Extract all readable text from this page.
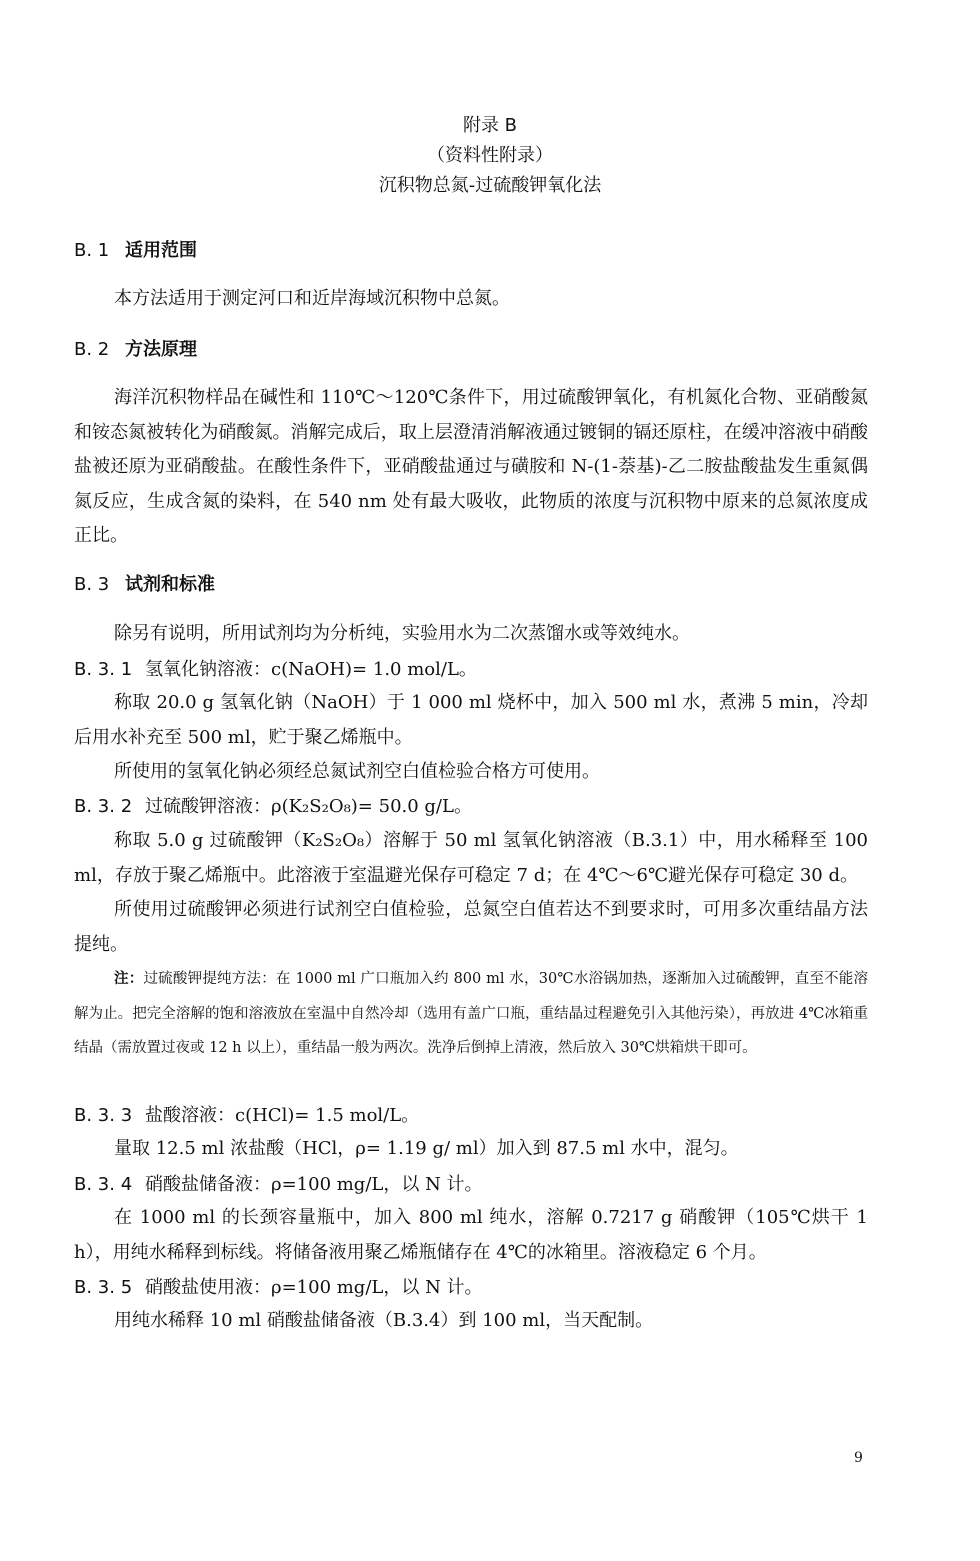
附录 B
（资料性附录）
沉积物总氮-过硫酸钾氧化法
B. 1 适用范围

本方法适用于测定河口和近岸海域沉积物中总氮。

B. 2 方法原理

海洋沉积物样品在碱性和 110℃～120℃条件下，用过硫酸钾氧化，有机氮化合物、亚硝酸氮和铵态氮被转化为硝酸氮。消解完成后，取上层澄清消解液通过镀铜的镉还原柱，在缓冲溶液中硝酸盐被还原为亚硝酸盐。在酸性条件下，亚硝酸盐通过与磺胺和 N-(1-萘基)-乙二胺盐酸盐发生重氮偶氮反应，生成含氮的染料，在 540 nm 处有最大吸收，此物质的浓度与沉积物中原来的总氮浓度成正比。

B. 3 试剂和标准

除另有说明，所用试剂均为分析纯，实验用水为二次蒸馏水或等效纯水。

B. 3. 1 氢氧化钠溶液：c(NaOH)= 1.0 mol/L。

称取 20.0 g 氢氧化钠（NaOH）于 1 000 ml 烧杯中，加入 500 ml 水，煮沸 5 min，冷却后用水补充至 500 ml，贮于聚乙烯瓶中。

所使用的氢氧化钠必须经总氮试剂空白值检验合格方可使用。

B. 3. 2 过硫酸钾溶液：ρ(K₂S₂O₈)= 50.0 g/L。

称取 5.0 g 过硫酸钾（K₂S₂O₈）溶解于 50 ml 氢氧化钠溶液（B.3.1）中，用水稀释至 100 ml，存放于聚乙烯瓶中。此溶液于室温避光保存可稳定 7 d；在 4℃～6℃避光保存可稳定 30 d。

所使用过硫酸钾必须进行试剂空白值检验，总氮空白值若达不到要求时，可用多次重结晶方法提纯。

注：过硫酸钾提纯方法：在 1000 ml 广口瓶加入约 800 ml 水，30℃水浴锅加热，逐渐加入过硫酸钾，直至不能溶解为止。把完全溶解的饱和溶液放在室温中自然冷却（选用有盖广口瓶，重结晶过程避免引入其他污染），再放进 4℃冰箱重结晶（需放置过夜或 12 h 以上），重结晶一般为两次。洗净后倒掉上清液，然后放入 30℃烘箱烘干即可。

B. 3. 3 盐酸溶液：c(HCl)= 1.5 mol/L。

量取 12.5 ml 浓盐酸（HCl，ρ= 1.19 g/ ml）加入到 87.5 ml 水中，混匀。

B. 3. 4 硝酸盐储备液：ρ=100 mg/L，以 N 计。

在 1000 ml 的长颈容量瓶中，加入 800 ml 纯水，溶解 0.7217 g 硝酸钾（105℃烘干 1 h），用纯水稀释到标线。将储备液用聚乙烯瓶储存在 4℃的冰箱里。溶液稳定 6 个月。

B. 3. 5 硝酸盐使用液：ρ=100 mg/L，以 N 计。

用纯水稀释 10 ml 硝酸盐储备液（B.3.4）到 100 ml，当天配制。

9
